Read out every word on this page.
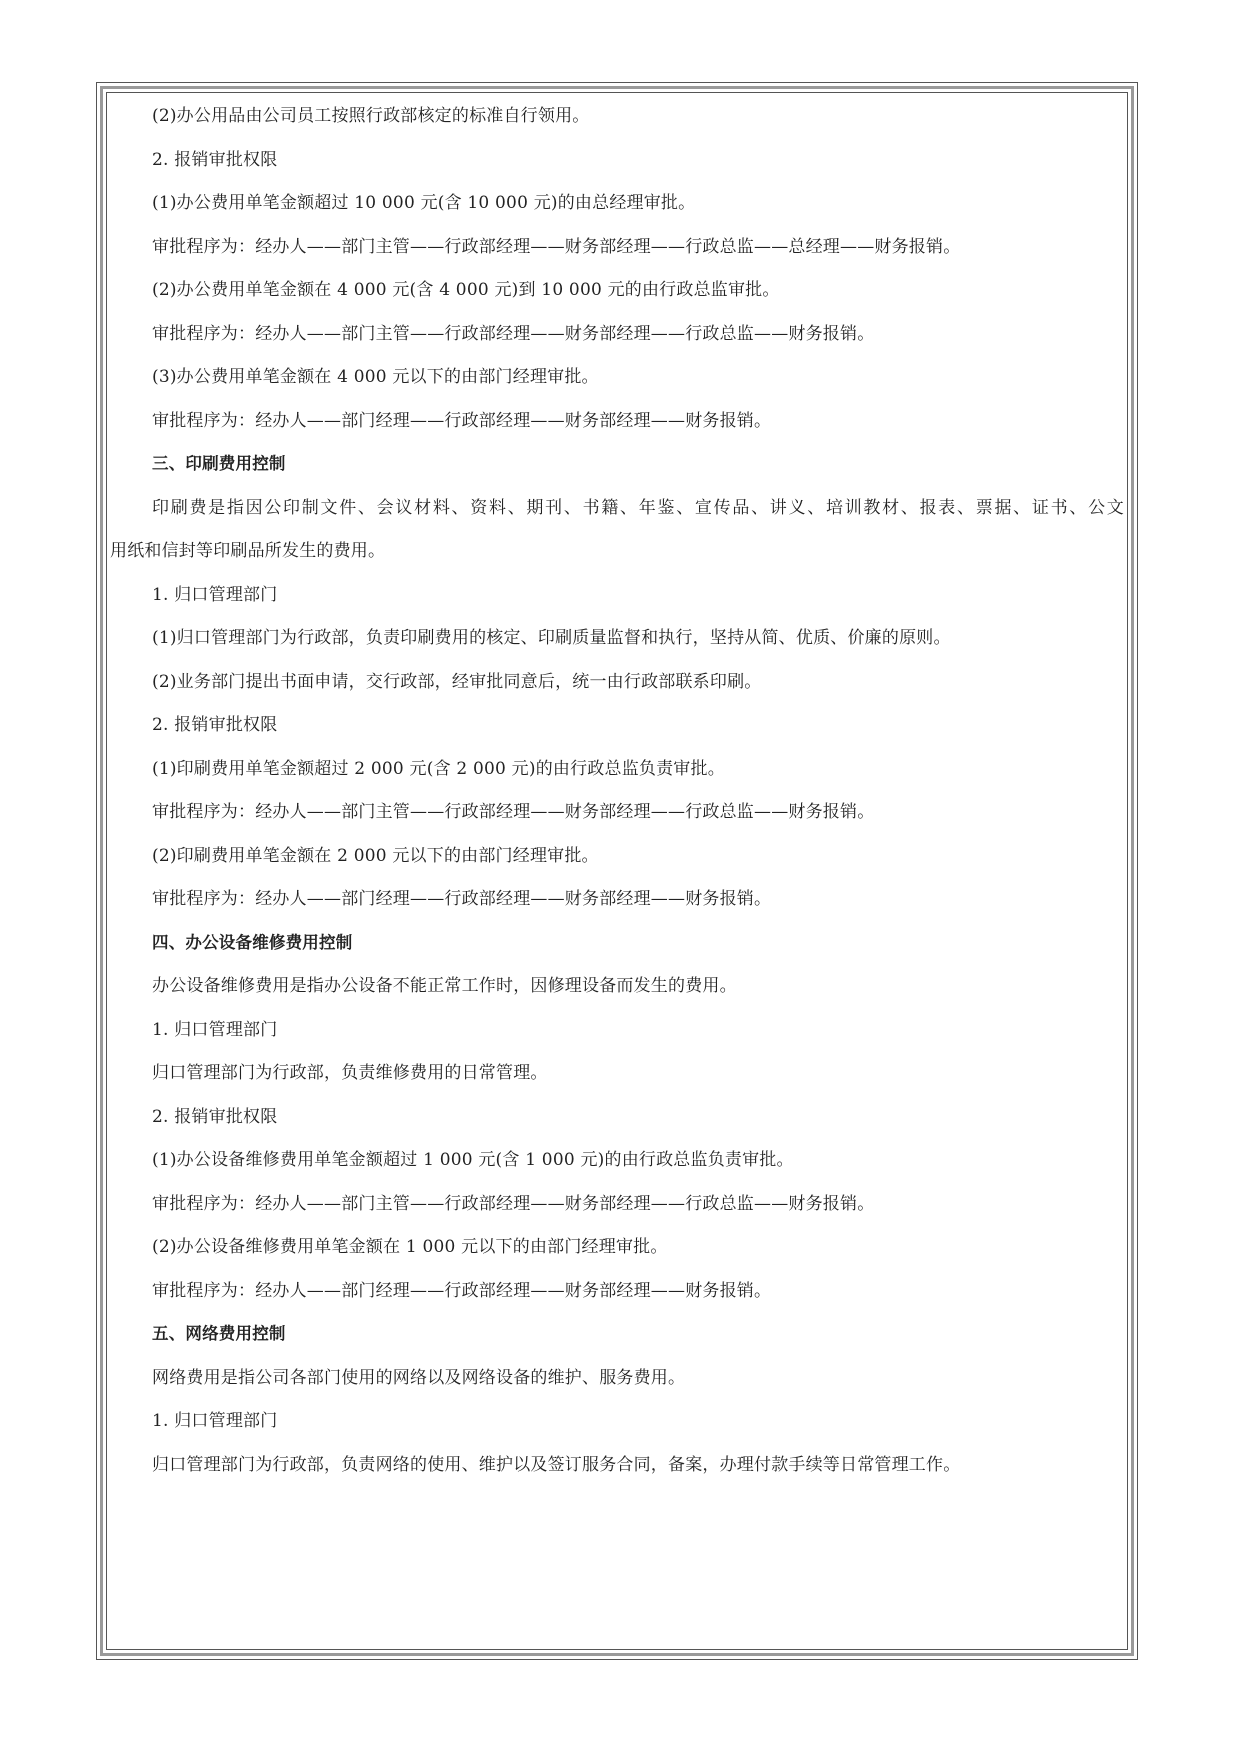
(2)办公用品由公司员工按照行政部核定的标准自行领用。
2. 报销审批权限
(1)办公费用单笔金额超过 10 000 元(含 10 000 元)的由总经理审批。
审批程序为：经办人——部门主管——行政部经理——财务部经理——行政总监——总经理——财务报销。
(2)办公费用单笔金额在 4 000 元(含 4 000 元)到 10 000 元的由行政总监审批。
审批程序为：经办人——部门主管——行政部经理——财务部经理——行政总监——财务报销。
(3)办公费用单笔金额在 4 000 元以下的由部门经理审批。
审批程序为：经办人——部门经理——行政部经理——财务部经理——财务报销。
三、印刷费用控制
印刷费是指因公印制文件、会议材料、资料、期刊、书籍、年鉴、宣传品、讲义、培训教材、报表、票据、证书、公文
用纸和信封等印刷品所发生的费用。
1. 归口管理部门
(1)归口管理部门为行政部，负责印刷费用的核定、印刷质量监督和执行，坚持从简、优质、价廉的原则。
(2)业务部门提出书面申请，交行政部，经审批同意后，统一由行政部联系印刷。
2. 报销审批权限
(1)印刷费用单笔金额超过 2 000 元(含 2 000 元)的由行政总监负责审批。
审批程序为：经办人——部门主管——行政部经理——财务部经理——行政总监——财务报销。
(2)印刷费用单笔金额在 2 000 元以下的由部门经理审批。
审批程序为：经办人——部门经理——行政部经理——财务部经理——财务报销。
四、办公设备维修费用控制
办公设备维修费用是指办公设备不能正常工作时，因修理设备而发生的费用。
1. 归口管理部门
归口管理部门为行政部，负责维修费用的日常管理。
2. 报销审批权限
(1)办公设备维修费用单笔金额超过 1 000 元(含 1 000 元)的由行政总监负责审批。
审批程序为：经办人——部门主管——行政部经理——财务部经理——行政总监——财务报销。
(2)办公设备维修费用单笔金额在 1 000 元以下的由部门经理审批。
审批程序为：经办人——部门经理——行政部经理——财务部经理——财务报销。
五、网络费用控制
网络费用是指公司各部门使用的网络以及网络设备的维护、服务费用。
1. 归口管理部门
归口管理部门为行政部，负责网络的使用、维护以及签订服务合同，备案，办理付款手续等日常管理工作。
